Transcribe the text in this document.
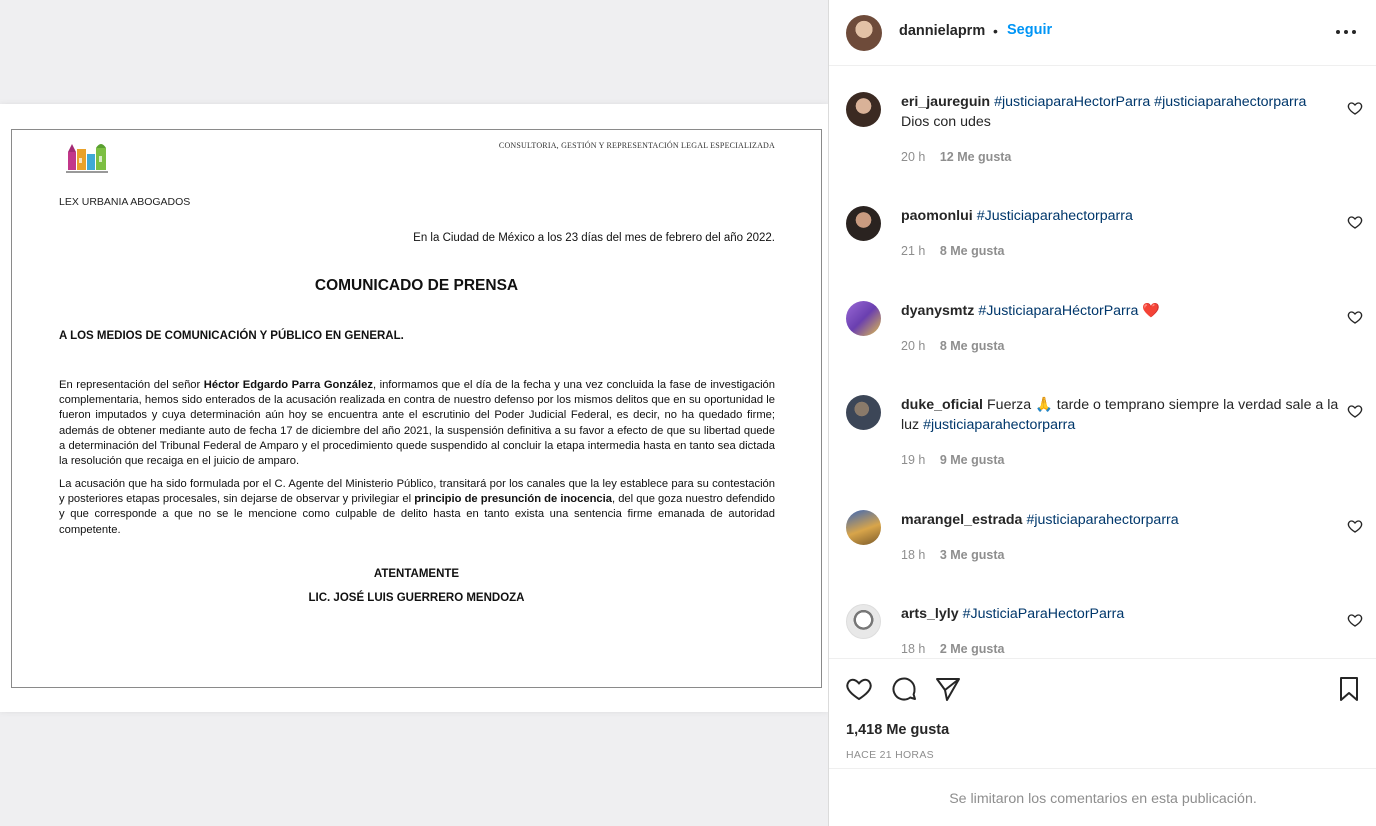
CONSULTORIA, GESTIÓN Y REPRESENTACIÓN LEGAL ESPECIALIZADA
LEX URBANIA ABOGADOS
En la Ciudad de México a los 23 días del mes de febrero del año 2022.
COMUNICADO DE PRENSA
A LOS MEDIOS DE COMUNICACIÓN Y PÚBLICO EN GENERAL.
En representación del señor Héctor Edgardo Parra González, informamos que el día de la fecha y una vez concluida la fase de investigación complementaria, hemos sido enterados de la acusación realizada en contra de nuestro defenso por los mismos delitos que en su oportunidad le fueron imputados y cuya determinación aún hoy se encuentra ante el escrutinio del Poder Judicial Federal, es decir, no ha quedado firme; además de obtener mediante auto de fecha 17 de diciembre del año 2021, la suspensión definitiva a su favor a efecto de que su libertad quede a determinación del Tribunal Federal de Amparo y el procedimiento quede suspendido al concluir la etapa intermedia hasta en tanto sea dictada la resolución que recaiga en el juicio de amparo.
La acusación que ha sido formulada por el C. Agente del Ministerio Público, transitará por los canales que la ley establece para su contestación y posteriores etapas procesales, sin dejarse de observar y privilegiar el principio de presunción de inocencia, del que goza nuestro defendido y que corresponde a que no se le mencione como culpable de delito hasta en tanto exista una sentencia firme emanada de autoridad competente.
ATENTAMENTE
LIC. JOSÉ LUIS GUERRERO MENDOZA
dannielaprm • Seguir
eri_jaureguin #justiciaparaHectorParra #justiciaparahectorparra
Dios con udes
20 h 12 Me gusta
paomonlui #Justiciaparahectorparra
21 h 8 Me gusta
dyanysmtz #JusticiaparaHéctorParra ❤️
20 h 8 Me gusta
duke_oficial Fuerza 🙏 tarde o temprano siempre la verdad sale a la luz #justiciaparahectorparra
19 h 9 Me gusta
marangel_estrada #justiciaparahectorparra
18 h 3 Me gusta
arts_lyly #JusticiaParaHectorParra
18 h 2 Me gusta
1,418 Me gusta
HACE 21 HORAS
Se limitaron los comentarios en esta publicación.
